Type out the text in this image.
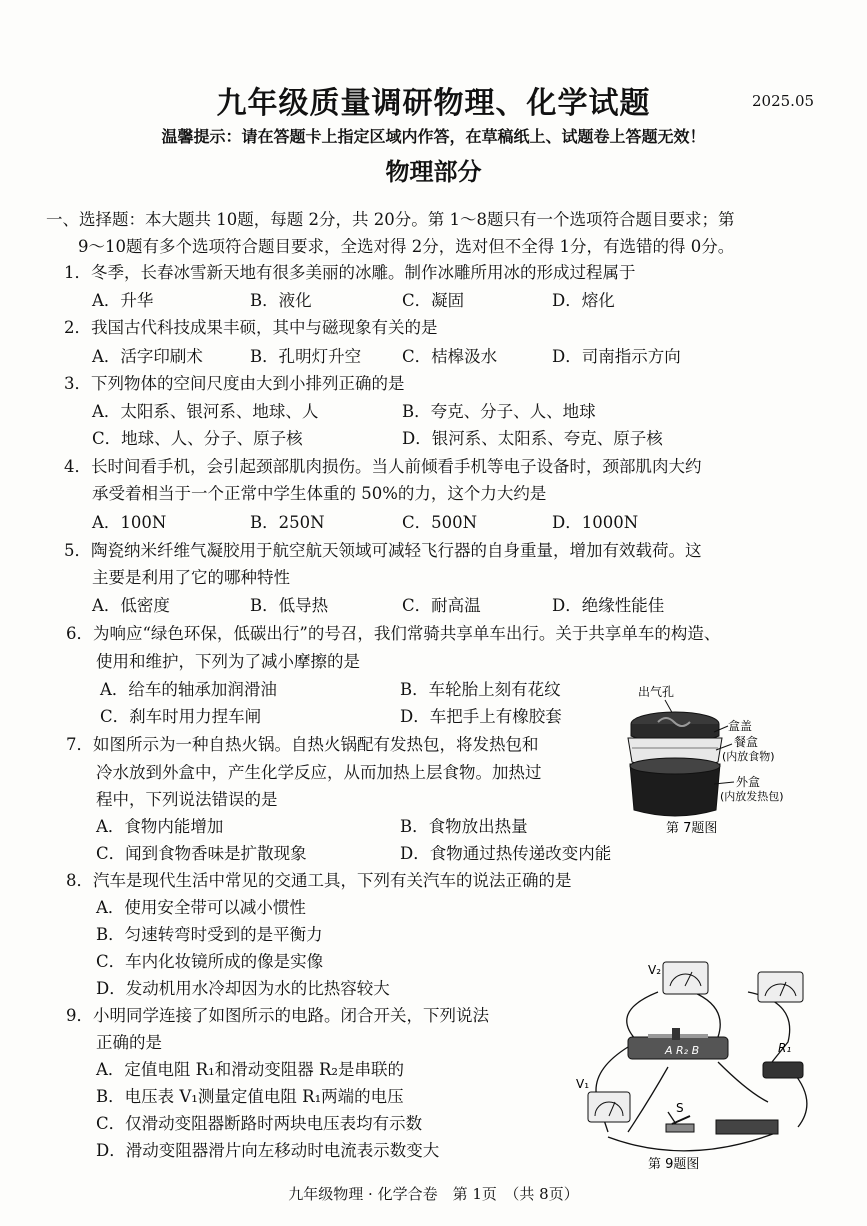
九年级质量调研物理、化学试题	2025.05
温馨提示：请在答题卡上指定区域内作答，在草稿纸上、试题卷上答题无效！
物理部分
一、选择题：本大题共 10题，每题 2分，共 20分。第 1～8题只有一个选项符合题目要求；第
9～10题有多个选项符合题目要求，全选对得 2分，选对但不全得 1分，有选错的得 0分。
1．冬季，长春冰雪新天地有很多美丽的冰雕。制作冰雕所用冰的形成过程属于
A．升华	B．液化	C．凝固	D．熔化
2．我国古代科技成果丰硕，其中与磁现象有关的是
A．活字印刷术	B．孔明灯升空 C．桔槔汲水	D．司南指示方向
3．下列物体的空间尺度由大到小排列正确的是
A．太阳系、银河系、地球、人	B．夸克、分子、人、地球
C．地球、人、分子、原子核	D．银河系、太阳系、夸克、原子核
4．长时间看手机，会引起颈部肌肉损伤。当人前倾看手机等电子设备时，颈部肌肉大约
承受着相当于一个正常中学生体重的 50%的力，这个力大约是
A．100N	B．250N	C．500N	D．1000N
5．陶瓷纳米纤维气凝胶用于航空航天领域可减轻飞行器的自身重量，增加有效载荷。这
主要是利用了它的哪种特性
A．低密度	B．低导热	C．耐高温	D．绝缘性能佳
6．为响应“绿色环保，低碳出行”的号召，我们常骑共享单车出行。关于共享单车的构造、
使用和维护，下列为了减小摩擦的是
A．给车的轴承加润滑油	B．车轮胎上刻有花纹
C．刹车时用力捏车闸	D．车把手上有橡胶套
7．如图所示为一种自热火锅。自热火锅配有发热包，将发热包和
冷水放到外盒中，产生化学反应，从而加热上层食物。加热过
程中，下列说法错误的是
A．食物内能增加	B．食物放出热量
C．闻到食物香味是扩散现象	D．食物通过热传递改变内能
8．汽车是现代生活中常见的交通工具，下列有关汽车的说法正确的是
A．使用安全带可以减小惯性
B．匀速转弯时受到的是平衡力
C．车内化妆镜所成的像是实像
D．发动机用水冷却因为水的比热容较大
9．小明同学连接了如图所示的电路。闭合开关，下列说法
正确的是
A．定值电阻 R₁和滑动变阻器 R₂是串联的
B．电压表 V₁测量定值电阻 R₁两端的电压
C．仅滑动变阻器断路时两块电压表均有示数
D．滑动变阻器滑片向左移动时电流表示数变大
出气孔
盒盖
餐盒
(内放食物)
外盒
(内放发热包)
第 7题图
V₂
A R₂ B	R₁
V₁
S
第 9题图
九年级物理 · 化学合卷　第 1页　（共 8页）
